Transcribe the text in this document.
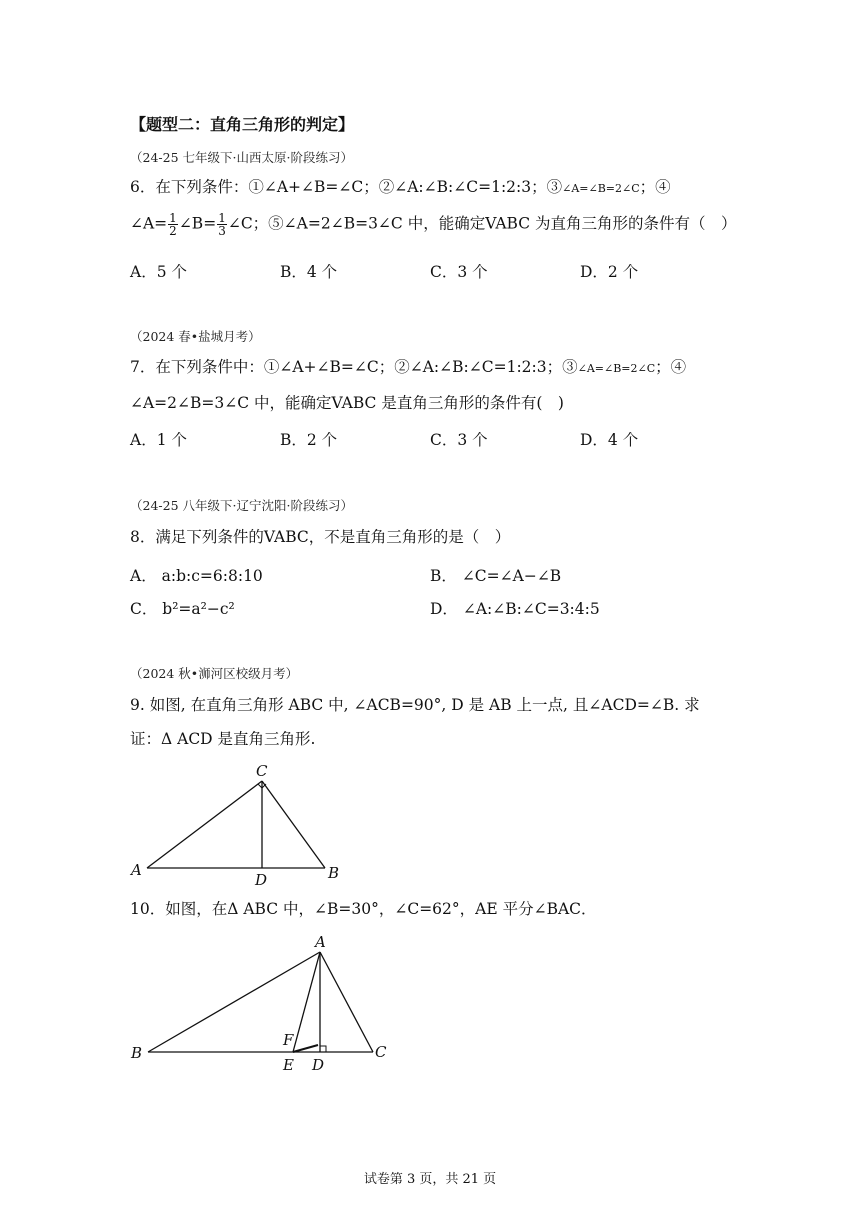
【题型二：直角三角形的判定】
（24-25 七年级下·山西太原·阶段练习）
6．在下列条件：①∠A+∠B=∠C；②∠A:∠B:∠C=1:2:3；③∠A=∠B=2∠C；④
∠A= $\frac{1}{2}$ ∠B= $\frac{1}{3}$ ∠C；⑤∠A=2∠B=3∠C 中，能确定VABC 为直角三角形的条件有（　）
A．5 个	B．4 个	C．3 个	D．2 个
（2024 春•盐城月考）
7．在下列条件中：①∠A+∠B=∠C；②∠A:∠B:∠C=1:2:3；③∠A=∠B=2∠C；④
∠A=2∠B=3∠C 中，能确定VABC 是直角三角形的条件有(　)
A．1 个	B．2 个	C．3 个	D．4 个
（24-25 八年级下·辽宁沈阳·阶段练习）
8．满足下列条件的VABC，不是直角三角形的是（　）
A． a:b:c=6:8:10	B． ∠C=∠A−∠B
C． b²=a²−c²	D． ∠A:∠B:∠C=3:4:5
（2024 秋•浉河区校级月考）
9. 如图, 在直角三角形 ABC 中, ∠ACB=90°, D 是 AB 上一点, 且∠ACD=∠B. 求
证：Δ ACD 是直角三角形.
C
A
D	B
10．如图，在Δ ABC 中，∠B=30°，∠C=62°，AE 平分∠BAC．
A
B
F
E D
C
试卷第 3 页，共 21 页
